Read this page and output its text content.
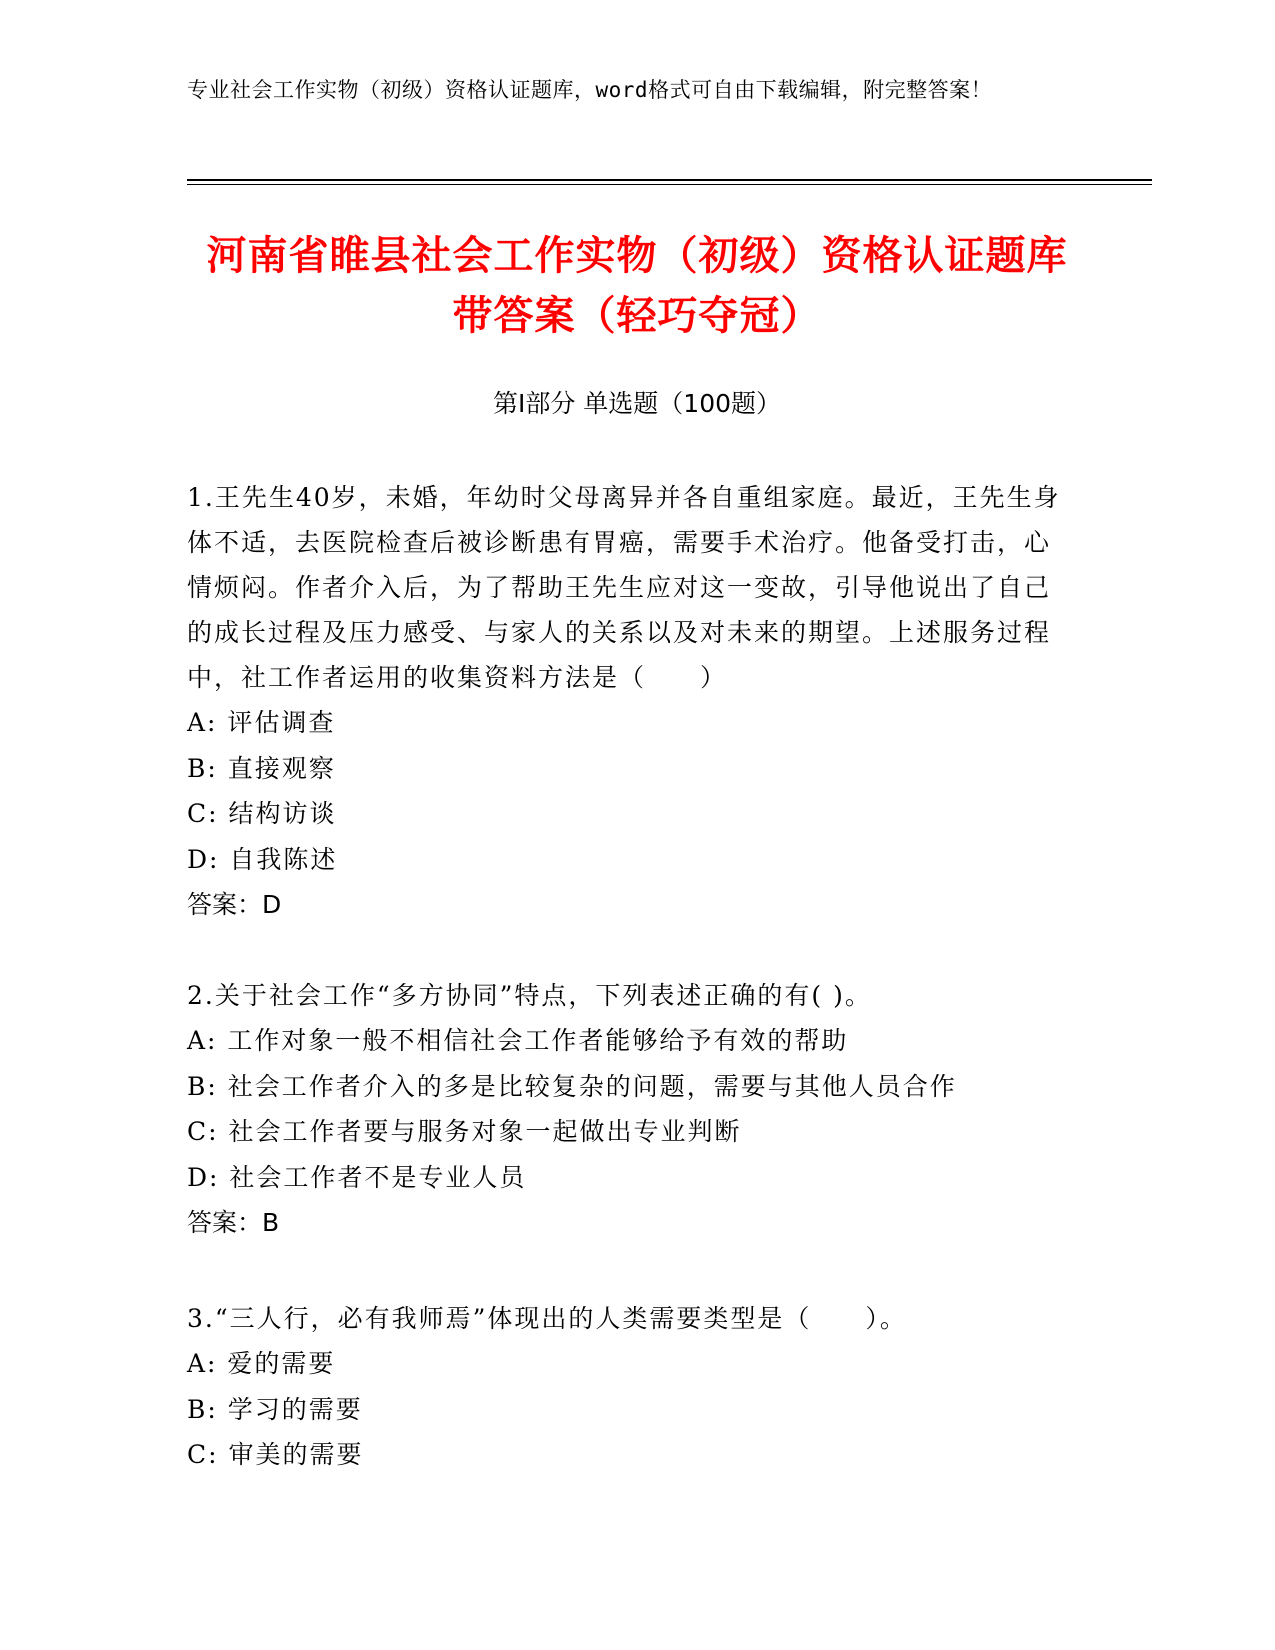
专业社会工作实物（初级）资格认证题库，word格式可自由下载编辑，附完整答案！
河南省睢县社会工作实物（初级）资格认证题库带答案（轻巧夺冠）
第Ⅰ部分 单选题（100题）
1.王先生40岁，未婚，年幼时父母离异并各自重组家庭。最近，王先生身体不适，去医院检查后被诊断患有胃癌，需要手术治疗。他备受打击，心情烦闷。作者介入后，为了帮助王先生应对这一变故，引导他说出了自己的成长过程及压力感受、与家人的关系以及对未来的期望。上述服务过程中，社工作者运用的收集资料方法是（　　）
A: 评估调查
B: 直接观察
C: 结构访谈
D: 自我陈述
答案：D
2.关于社会工作“多方协同”特点，下列表述正确的有( )。
A: 工作对象一般不相信社会工作者能够给予有效的帮助
B: 社会工作者介入的多是比较复杂的问题，需要与其他人员合作
C: 社会工作者要与服务对象一起做出专业判断
D: 社会工作者不是专业人员
答案：B
3.“三人行，必有我师焉”体现出的人类需要类型是（　　）。
A: 爱的需要
B: 学习的需要
C: 审美的需要
